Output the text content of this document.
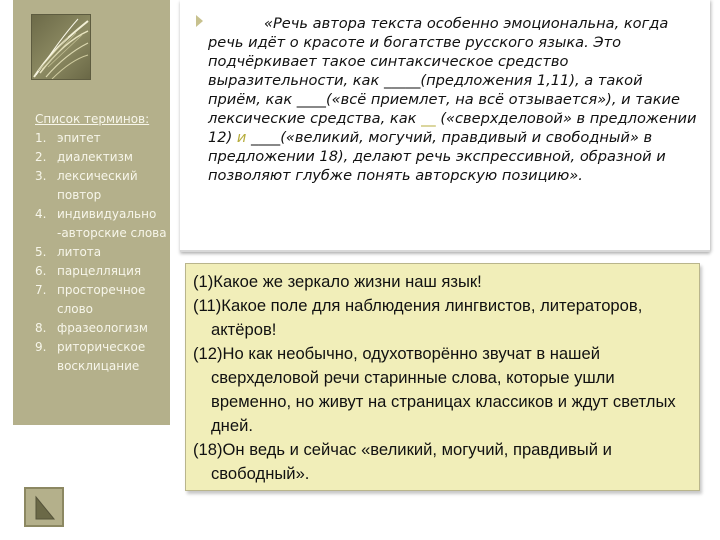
Список терминов:
1. эпитет
2. диалектизм
3. лексический повтор
4. индивидуально -авторские слова
5. литота
6. парцелляция
7. просторечное слово
8. фразеологизм
9. риторическое восклицание
«Речь автора текста особенно эмоциональна, когда речь идёт о красоте и богатстве русского языка. Это подчёркивает такое синтаксическое средство выразительности, как _____(предложения 1,11), а такой приём, как ____(«всё приемлет, на всё отзывается»), и такие лексические средства, как __ («сверхделовой» в предложении 12) и ____(«великий, могучий, правдивый и свободный» в предложении 18), делают речь экспрессивной, образной и позволяют глубже понять авторскую позицию».
(1)Какое же зеркало жизни наш язык!
(11)Какое поле для наблюдения лингвистов, литераторов, актёров!
(12)Но как необычно, одухотворённо звучат в нашей сверхделовой речи старинные слова, которые ушли временно, но живут на страницах классиков и ждут светлых дней.
(18)Он ведь и сейчас «великий, могучий, правдивый и свободный».
